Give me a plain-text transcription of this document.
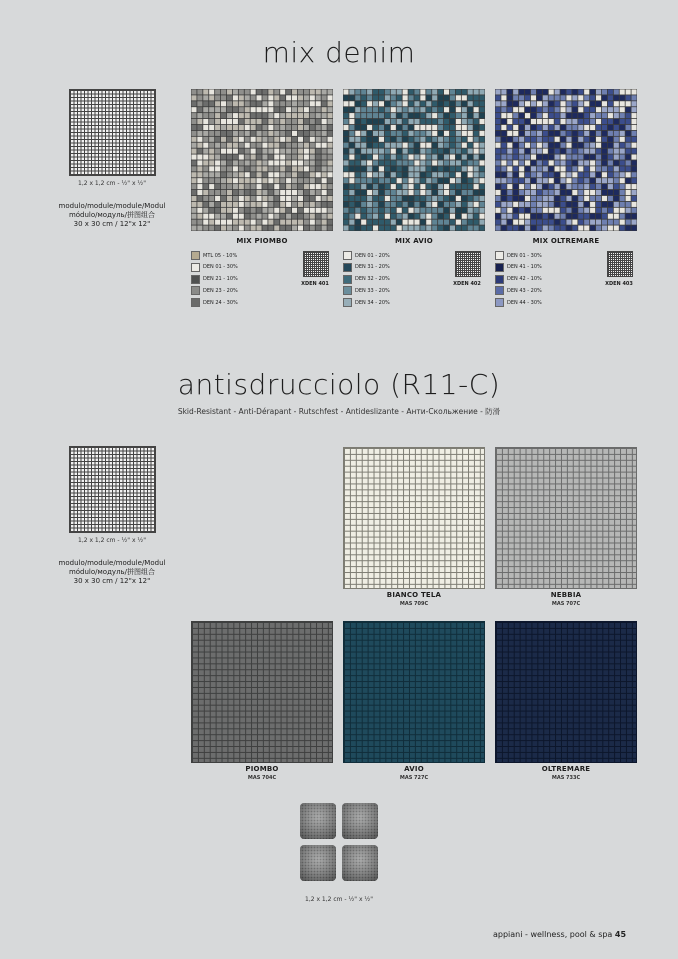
mix denim
1,2 x 1,2 cm - ½" x ½"
modulo/module/module/Modul
módulo/модуль/拼图组合
30 x 30 cm / 12"x 12"
antisdrucciolo (R11-C)
Skid-Resistant - Anti-Dérapant - Rutschfest - Antideslizante - Анти-Скольжение - 防滑
1,2 x 1,2 cm - ½" x ½"
modulo/module/module/Modul
módulo/модуль/拼图组合
30 x 30 cm / 12"x 12"
1,2 x 1,2 cm - ½" x ½"
appiani - wellness, pool & spa 45
MIX PIOMBO
MTL 05 - 10%
DEN 01 - 30%
DEN 21 - 10%
DEN 23 - 20%
DEN 24 - 30%
XDEN 401
MIX AVIO
DEN 01 - 20%
DEN 31 - 20%
DEN 32 - 20%
DEN 33 - 20%
DEN 34 - 20%
XDEN 402
MIX OLTREMARE
DEN 01 - 30%
DEN 41 - 10%
DEN 42 - 10%
DEN 43 - 20%
DEN 44 - 30%
XDEN 403
BIANCO TELA
MAS 709C
NEBBIA
MAS 707C
PIOMBO
MAS 704C
AVIO
MAS 727C
OLTREMARE
MAS 733C
